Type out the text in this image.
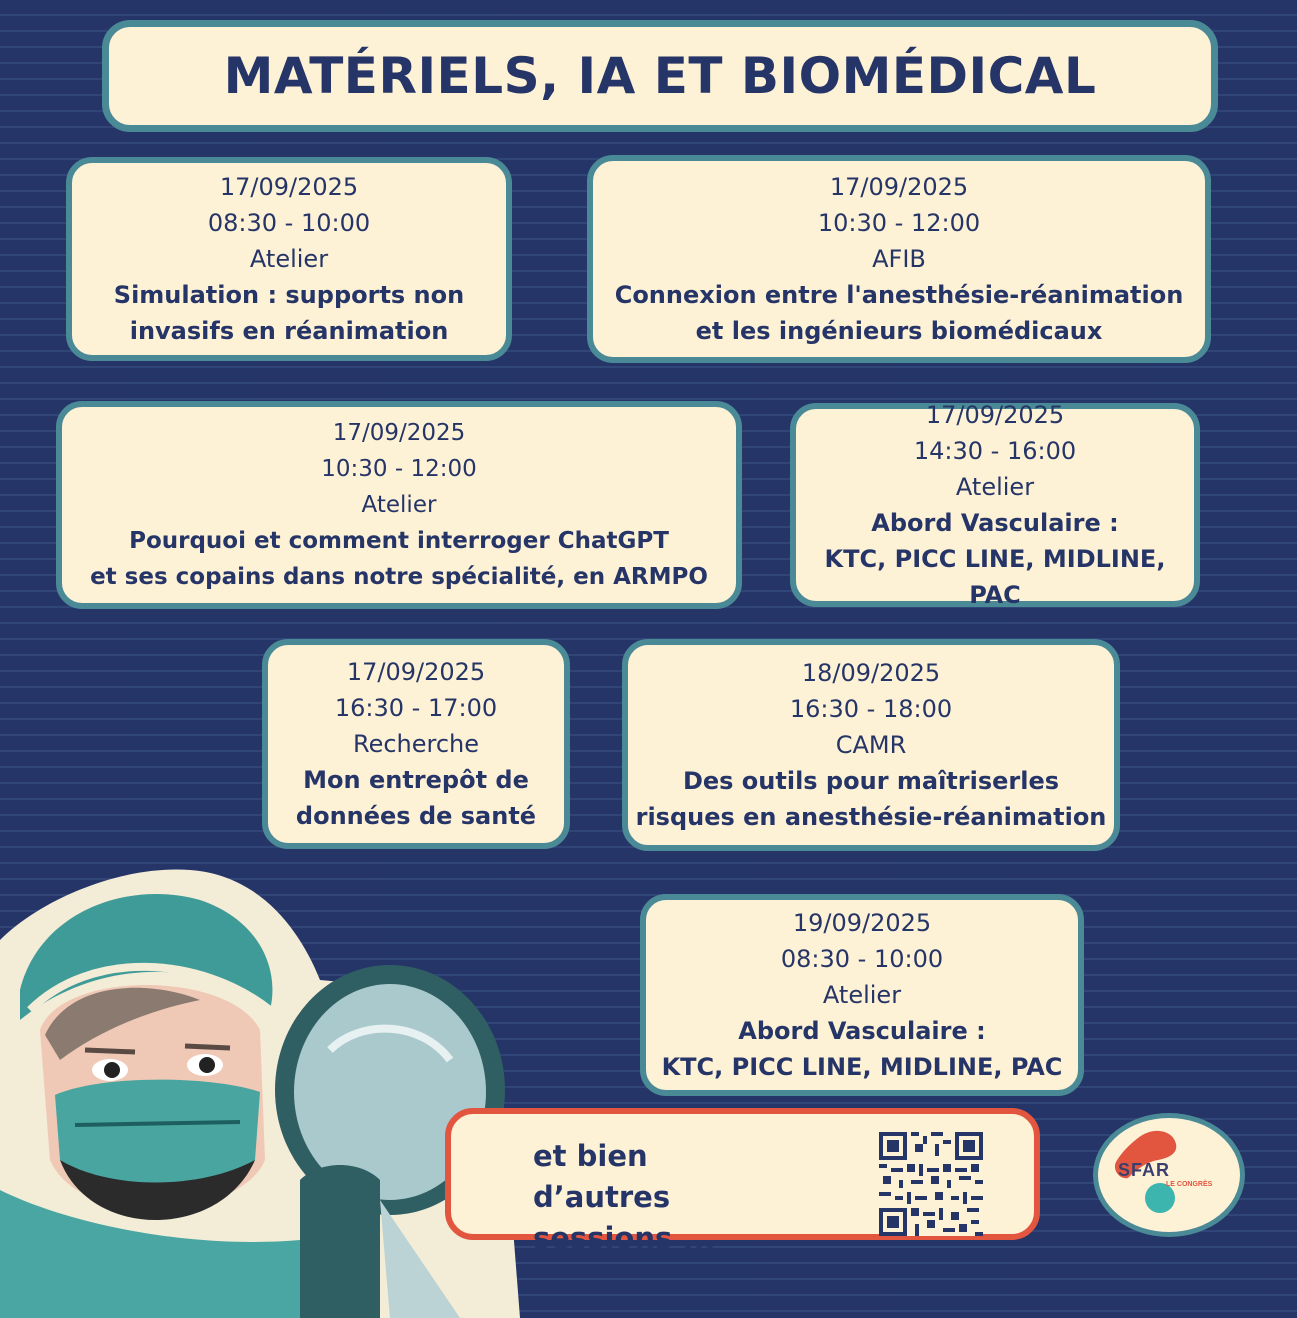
MATÉRIELS, IA ET BIOMÉDICAL
17/09/2025
08:30 - 10:00
Atelier
Simulation : supports non
invasifs en réanimation
17/09/2025
10:30 - 12:00
AFIB
Connexion entre l'anesthésie-réanimation
et les ingénieurs biomédicaux
17/09/2025
10:30 - 12:00
Atelier
Pourquoi et comment interroger ChatGPT
et ses copains dans notre spécialité, en ARMPO
17/09/2025
14:30 - 16:00
Atelier
Abord Vasculaire :
KTC, PICC LINE, MIDLINE, PAC
17/09/2025
16:30 - 17:00
Recherche
Mon entrepôt de
données de santé
18/09/2025
16:30 - 18:00
CAMR
Des outils pour maîtriserles
risques en anesthésie-réanimation
19/09/2025
08:30 - 10:00
Atelier
Abord Vasculaire :
KTC, PICC LINE, MIDLINE, PAC
et bien d’autres
sessions ...
SFAR
LE CONGRÈS
